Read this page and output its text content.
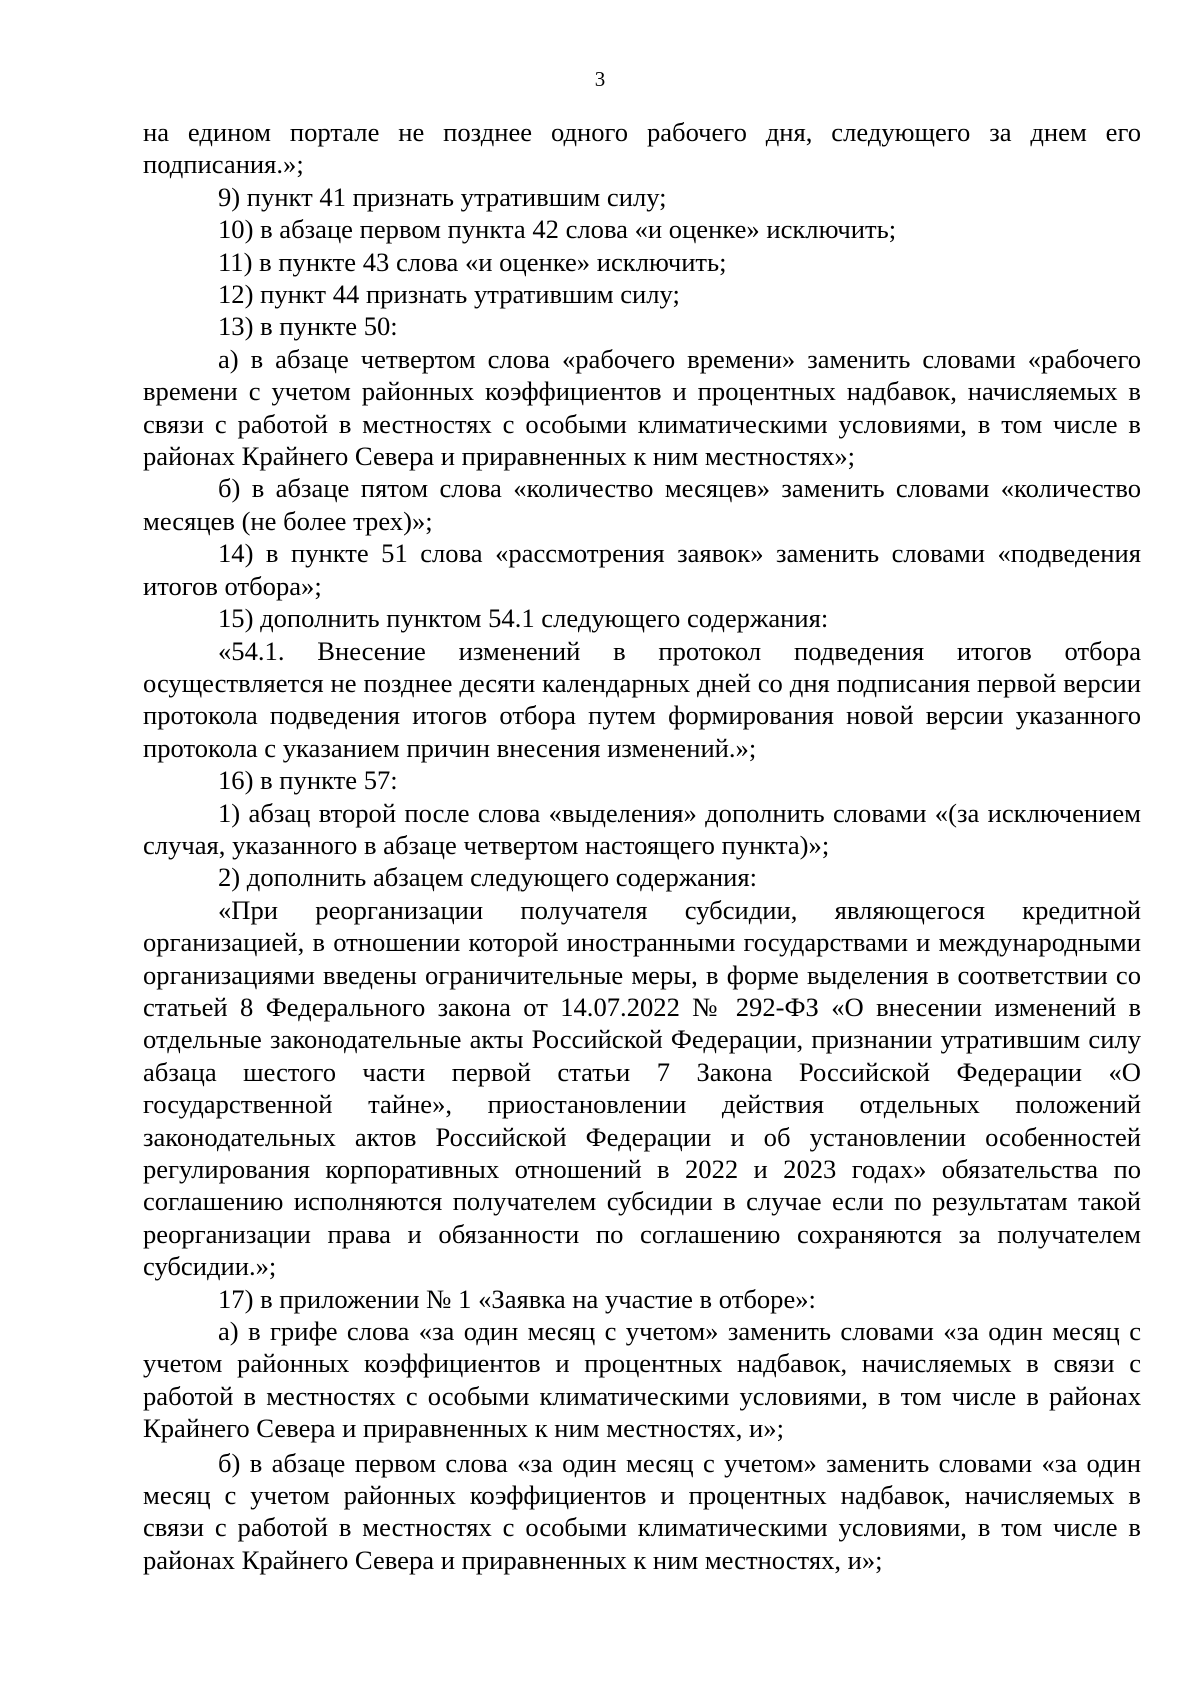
3

на едином портале не позднее одного рабочего дня, следующего за днем его подписания.»;

9) пункт 41 признать утратившим силу;

10) в абзаце первом пункта 42 слова «и оценке» исключить;

11) в пункте 43 слова «и оценке» исключить;

12) пункт 44 признать утратившим силу;

13) в пункте 50:

а) в абзаце четвертом слова «рабочего времени» заменить словами «рабочего времени с учетом районных коэффициентов и процентных надбавок, начисляемых в связи с работой в местностях с особыми климатическими условиями, в том числе в районах Крайнего Севера и приравненных к ним местностях»;

б) в абзаце пятом слова «количество месяцев» заменить словами «количество месяцев (не более трех)»;

14) в пункте 51 слова «рассмотрения заявок» заменить словами «подведения итогов отбора»;

15) дополнить пунктом 54.1 следующего содержания:

«54.1. Внесение изменений в протокол подведения итогов отбора осуществляется не позднее десяти календарных дней со дня подписания первой версии протокола подведения итогов отбора путем формирования новой версии указанного протокола с указанием причин внесения изменений.»;

16) в пункте 57:

1) абзац второй после слова «выделения» дополнить словами «(за исключением случая, указанного в абзаце четвертом настоящего пункта)»;

2) дополнить абзацем следующего содержания:

«При реорганизации получателя субсидии, являющегося кредитной организацией, в отношении которой иностранными государствами и международными организациями введены ограничительные меры, в форме выделения в соответствии со статьей 8 Федерального закона от 14.07.2022 № 292-ФЗ «О внесении изменений в отдельные законодательные акты Российской Федерации, признании утратившим силу абзаца шестого части первой статьи 7 Закона Российской Федерации «О государственной тайне», приостановлении действия отдельных положений законодательных актов Российской Федерации и об установлении особенностей регулирования корпоративных отношений в 2022 и 2023 годах» обязательства по соглашению исполняются получателем субсидии в случае если по результатам такой реорганизации права и обязанности по соглашению сохраняются за получателем субсидии.»;

17) в приложении № 1 «Заявка на участие в отборе»:

а) в грифе слова «за один месяц с учетом» заменить словами «за один месяц с учетом районных коэффициентов и процентных надбавок, начисляемых в связи с работой в местностях с особыми климатическими условиями, в том числе в районах Крайнего Севера и приравненных к ним местностях, и»;

б) в абзаце первом слова «за один месяц с учетом» заменить словами «за один месяц с учетом районных коэффициентов и процентных надбавок, начисляемых в связи с работой в местностях с особыми климатическими условиями, в том числе в районах Крайнего Севера и приравненных к ним местностях, и»;
